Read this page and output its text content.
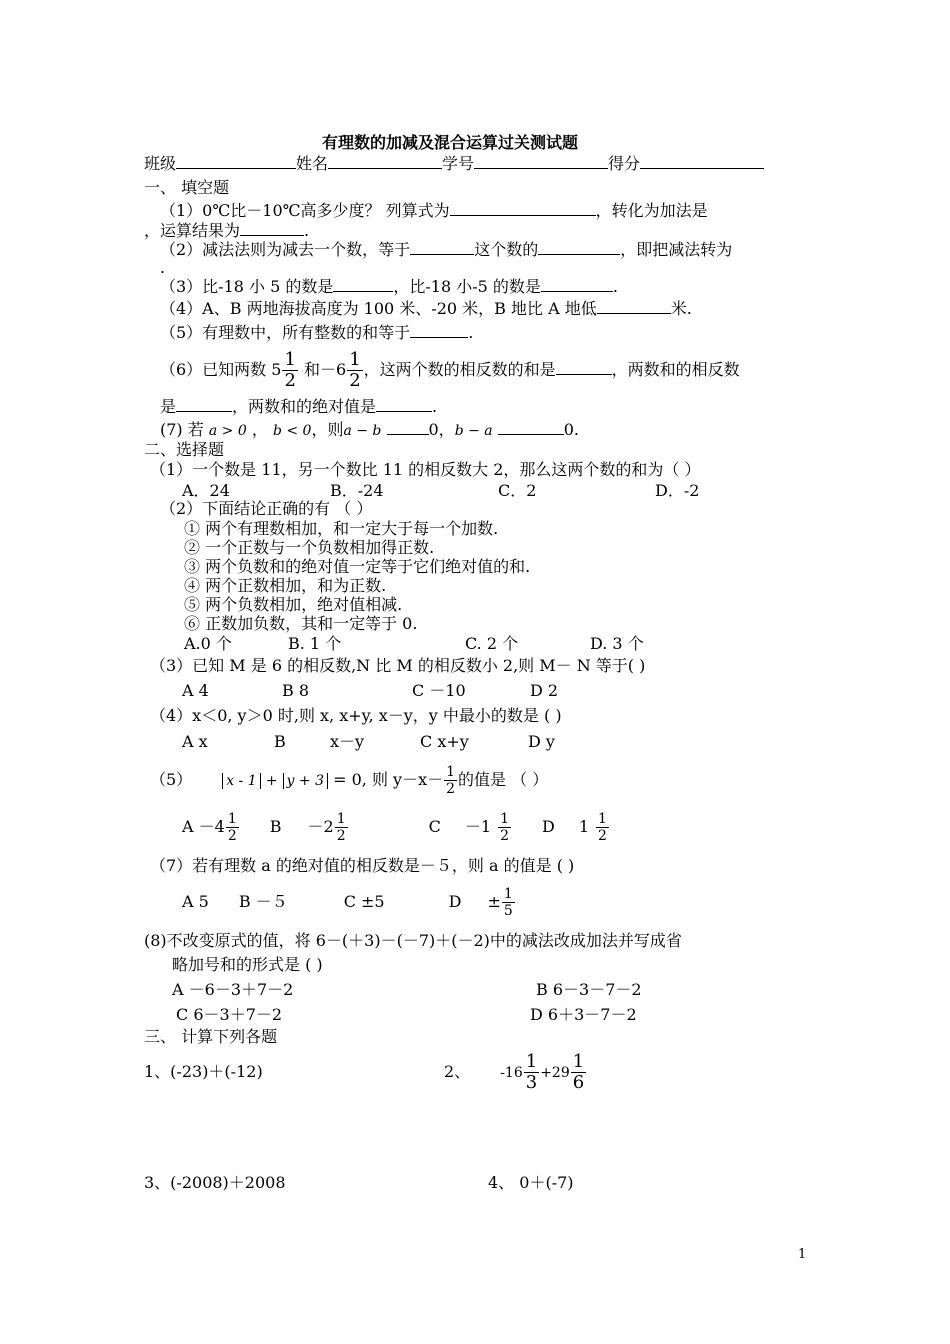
有理数的加减及混合运算过关测试题
班级	姓名	学号	得分
一、 填空题
（1）0℃比－10℃高多少度？ 列算式为	，转化为加法是
，运算结果为	.
（2）减法法则为减去一个数，等于	这个数的	，即把减法转为
.
（3）比-18 小 5 的数是	，比-18 小-5 的数是	.
（4）A、B 两地海拔高度为 100 米、-20 米，B 地比 A 地低	米.
（5）有理数中，所有整数的和等于	.
（6）已知两数 $5 \frac{1}{2}$ 和$-6 \frac{1}{2}$ ，这两个数的相反数的和是	，两数和的相反数
是	，两数和的绝对值是	.
(7) 若 a > 0 ， b < 0，则a − b	0，b − a	0.
二、选择题
（1）一个数是 11，另一个数比 11 的相反数大 2，那么这两个数的和为（ ）
A．24	B．-24	C．2	D．-2
（2）下面结论正确的有 （ ）
① 两个有理数相加，和一定大于每一个加数.
② 一个正数与一个负数相加得正数.
③ 两个负数和的绝对值一定等于它们绝对值的和.
④ 两个正数相加，和为正数.
⑤ 两个负数相加，绝对值相减.
⑥ 正数加负数，其和一定等于 0.
A.0 个	B. 1 个	C. 2 个	D. 3 个
（3）已知 M 是 6 的相反数,N 比 M 的相反数小 2,则 M－ N 等于( )
A 4	B 8	C －10	D 2
（4）x＜0, y＞0 时,则 x, x+y, x－y，y 中最小的数是 ( )
A x	B	x－y	C x+y	D y
（5） x - 1 + y + 3 = 0, 则 $y-x- \frac{1}{2}$ 的值是 （ ）
$A -4 \frac{1}{2}$ $B -2 \frac{1}{2}$	$C -1 \frac{1}{2}$ D $1 \frac{1}{2}$
（7）若有理数 a 的绝对值的相反数是－５，则 a 的值是 ( )
A 5 B －５	C ±5	$D \pm \frac{1}{5}$
(8)不改变原式的值，将 6－(＋3)－(－7)＋(－2)中的减法改成加法并写成省
略加号和的形式是 ( )
A －6－3＋7－2	B 6－3－7－2
C 6－3＋7－2	D 6＋3－7－2
三、 计算下列各题
1、(-23)＋(-12)	2、 $-16 \frac{1}{3} +29 \frac{1}{6}$
3、(-2008)＋2008	4、 0＋(-7)
1
